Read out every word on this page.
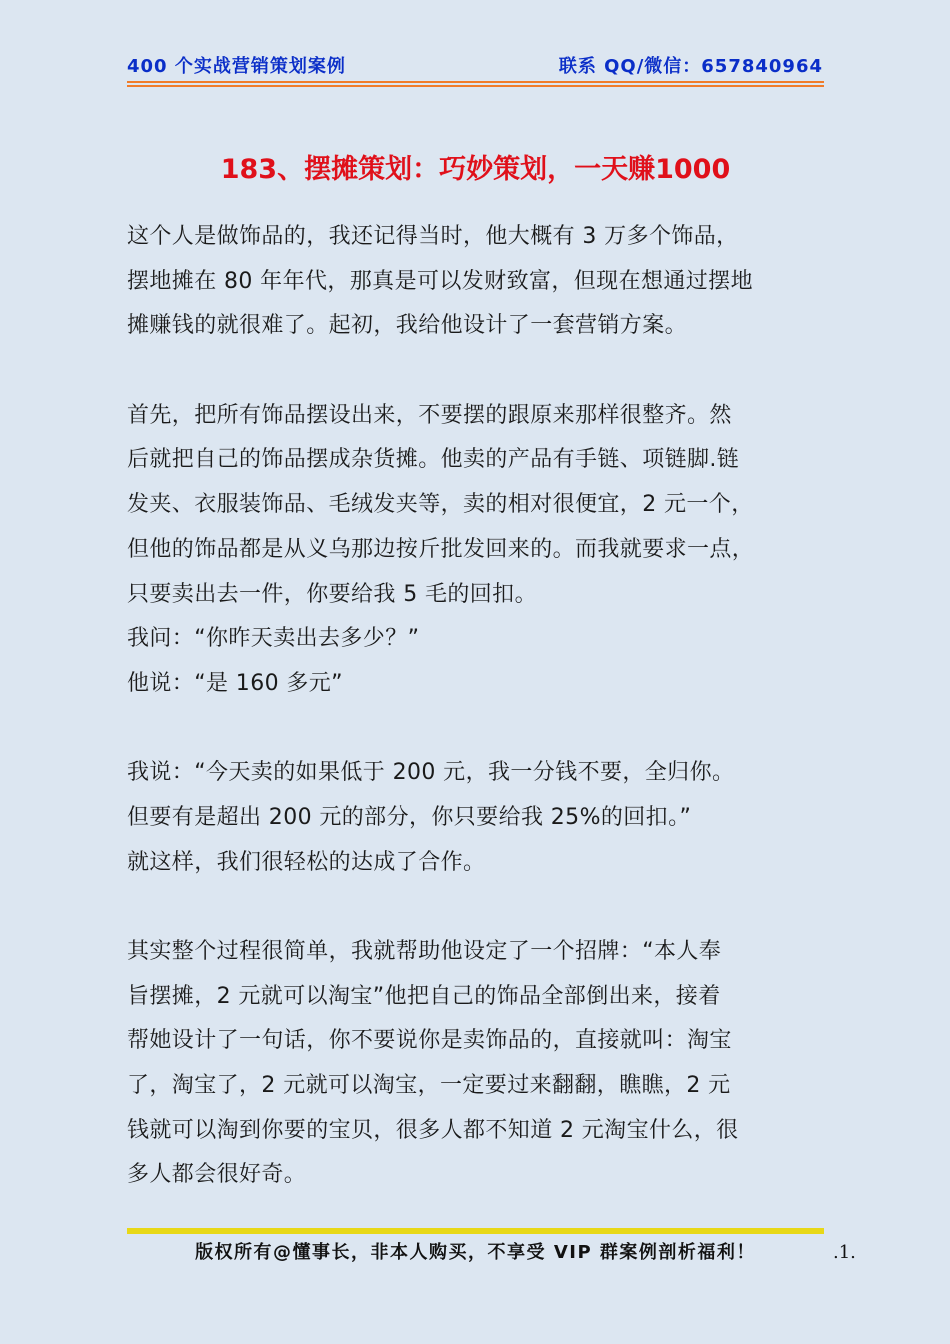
400 个实战营销策划案例	联系 QQ/微信：657840964
183、摆摊策划：巧妙策划，一天赚1000
这个人是做饰品的，我还记得当时，他大概有 3 万多个饰品，
摆地摊在 80 年年代，那真是可以发财致富，但现在想通过摆地
摊赚钱的就很难了。起初，我给他设计了一套营销方案。
首先，把所有饰品摆设出来，不要摆的跟原来那样很整齐。然
后就把自己的饰品摆成杂货摊。他卖的产品有手链、项链脚.链
发夹、衣服装饰品、毛绒发夹等，卖的相对很便宜，2 元一个，
但他的饰品都是从义乌那边按斤批发回来的。而我就要求一点，
只要卖出去一件，你要给我 5 毛的回扣。
我问：“你昨天卖出去多少？”
他说：“是 160 多元”
我说：“今天卖的如果低于 200 元，我一分钱不要，全归你。
但要有是超出 200 元的部分，你只要给我 25%的回扣。”
就这样，我们很轻松的达成了合作。
其实整个过程很简单，我就帮助他设定了一个招牌：“本人奉
旨摆摊，2 元就可以淘宝”他把自己的饰品全部倒出来，接着
帮她设计了一句话，你不要说你是卖饰品的，直接就叫：淘宝
了，淘宝了，2 元就可以淘宝，一定要过来翻翻，瞧瞧，2 元
钱就可以淘到你要的宝贝，很多人都不知道 2 元淘宝什么，很
多人都会很好奇。
版权所有@懂事长，非本人购买，不享受 VIP 群案例剖析福利！	.1.
